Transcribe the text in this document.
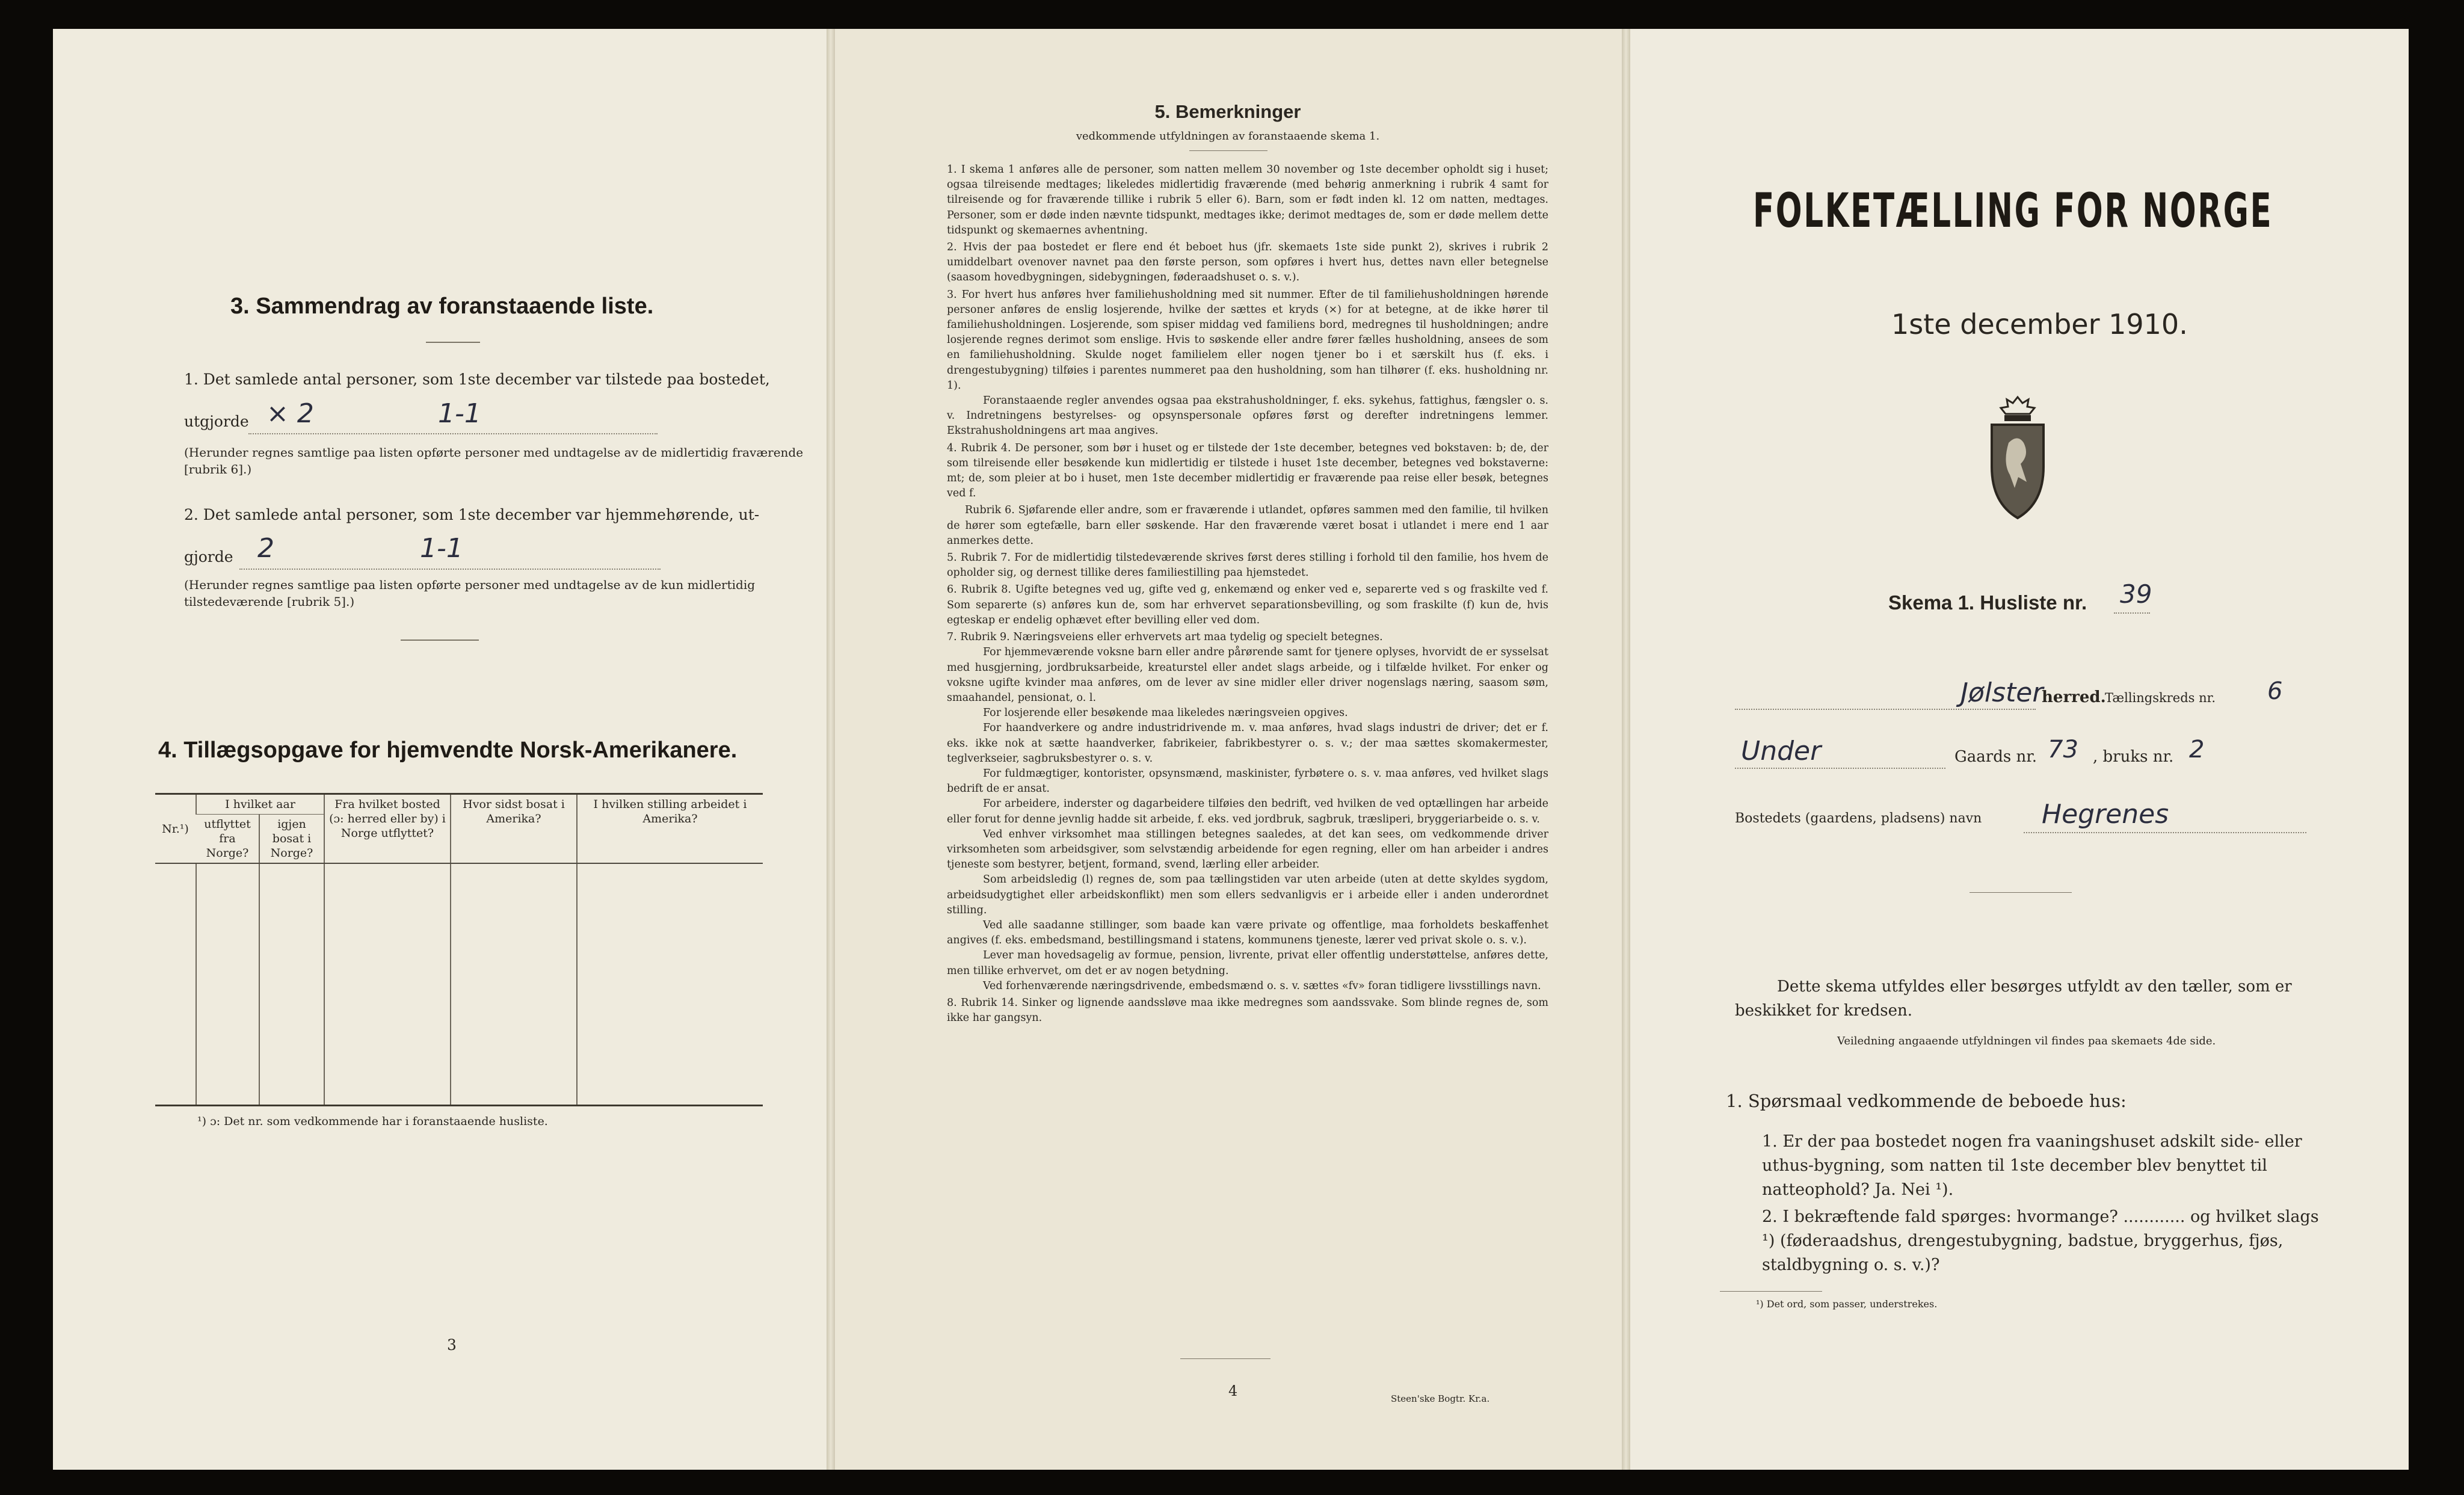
3. Sammendrag av foranstaaende liste.
1. Det samlede antal personer, som 1ste december var tilstede paa bostedet,
utgjorde × 2	1-1
(Herunder regnes samtlige paa listen opførte personer med undtagelse av de midlertidig fraværende [rubrik 6].)
2. Det samlede antal personer, som 1ste december var hjemmehørende, ut-
gjorde 2	1-1
(Herunder regnes samtlige paa listen opførte personer med undtagelse av de kun midlertidig tilstedeværende [rubrik 5].)
4. Tillægsopgave for hjemvendte Norsk-Amerikanere.
Nr.¹)	I hvilket aar		Fra hvilket bosted (ɔ: herred eller by) i Norge utflyttet?	Hvor sidst bosat i Amerika?	I hvilken stilling arbeidet i Amerika?
	utflyttet fra Norge?	igjen bosat i Norge?			

¹) ɔ: Det nr. som vedkommende har i foranstaaende husliste.
3
5. Bemerkninger
vedkommende utfyldningen av foranstaaende skema 1.

1. I skema 1 anføres alle de personer, som natten mellem 30 november og 1ste december opholdt sig i huset; ogsaa tilreisende medtages; likeledes midlertidig fraværende (med behørig anmerkning i rubrik 4 samt for tilreisende og for fraværende tillike i rubrik 5 eller 6). Barn, som er født inden kl. 12 om natten, medtages. Personer, som er døde inden nævnte tidspunkt, medtages ikke; derimot medtages de, som er døde mellem dette tidspunkt og skemaernes avhentning.

2. Hvis der paa bostedet er flere end ét beboet hus (jfr. skemaets 1ste side punkt 2), skrives i rubrik 2 umiddelbart ovenover navnet paa den første person, som opføres i hvert hus, dettes navn eller betegnelse (saasom hovedbygningen, sidebygningen, føderaadshuset o. s. v.).

3. For hvert hus anføres hver familiehusholdning med sit nummer. Efter de til familiehusholdningen hørende personer anføres de enslig losjerende, hvilke der sættes et kryds (×) for at betegne, at de ikke hører til familiehusholdningen. Losjerende, som spiser middag ved familiens bord, medregnes til husholdningen; andre losjerende regnes derimot som enslige. Hvis to søskende eller andre fører fælles husholdning, ansees de som en familiehusholdning. Skulde noget familielem eller nogen tjener bo i et særskilt hus (f. eks. i drengestubygning) tilføies i parentes nummeret paa den husholdning, som han tilhører (f. eks. husholdning nr. 1).

Foranstaaende regler anvendes ogsaa paa ekstrahusholdninger, f. eks. sykehus, fattighus, fængsler o. s. v. Indretningens bestyrelses- og opsynspersonale opføres først og derefter indretningens lemmer. Ekstrahusholdningens art maa angives.

4. Rubrik 4. De personer, som bør i huset og er tilstede der 1ste december, betegnes ved bokstaven: b; de, der som tilreisende eller besøkende kun midlertidig er tilstede i huset 1ste december, betegnes ved bokstaverne: mt; de, som pleier at bo i huset, men 1ste december midlertidig er fraværende paa reise eller besøk, betegnes ved f.

Rubrik 6. Sjøfarende eller andre, som er fraværende i utlandet, opføres sammen med den familie, til hvilken de hører som egtefælle, barn eller søskende. Har den fraværende været bosat i utlandet i mere end 1 aar anmerkes dette.

5. Rubrik 7. For de midlertidig tilstedeværende skrives først deres stilling i forhold til den familie, hos hvem de opholder sig, og dernest tillike deres familiestilling paa hjemstedet.

6. Rubrik 8. Ugifte betegnes ved ug, gifte ved g, enkemænd og enker ved e, separerte ved s og fraskilte ved f. Som separerte (s) anføres kun de, som har erhvervet separationsbevilling, og som fraskilte (f) kun de, hvis egteskap er endelig ophævet efter bevilling eller ved dom.

7. Rubrik 9. Næringsveiens eller erhvervets art maa tydelig og specielt betegnes.

For hjemmeværende voksne barn eller andre pårørende samt for tjenere oplyses, hvorvidt de er sysselsat med husgjerning, jordbruksarbeide, kreaturstel eller andet slags arbeide, og i tilfælde hvilket. For enker og voksne ugifte kvinder maa anføres, om de lever av sine midler eller driver nogenslags næring, saasom søm, smaahandel, pensionat, o. l.

For losjerende eller besøkende maa likeledes næringsveien opgives.

For haandverkere og andre industridrivende m. v. maa anføres, hvad slags industri de driver; det er f. eks. ikke nok at sætte haandverker, fabrikeier, fabrikbestyrer o. s. v.; der maa sættes skomakermester, teglverkseier, sagbruksbestyrer o. s. v.

For fuldmægtiger, kontorister, opsynsmænd, maskinister, fyrbøtere o. s. v. maa anføres, ved hvilket slags bedrift de er ansat.

For arbeidere, inderster og dagarbeidere tilføies den bedrift, ved hvilken de ved optællingen har arbeide eller forut for denne jevnlig hadde sit arbeide, f. eks. ved jordbruk, sagbruk, træsliperi, bryggeriarbeide o. s. v.

Ved enhver virksomhet maa stillingen betegnes saaledes, at det kan sees, om vedkommende driver virksomheten som arbeidsgiver, som selvstændig arbeidende for egen regning, eller om han arbeider i andres tjeneste som bestyrer, betjent, formand, svend, lærling eller arbeider.

Som arbeidsledig (l) regnes de, som paa tællingstiden var uten arbeide (uten at dette skyldes sygdom, arbeidsudygtighet eller arbeidskonflikt) men som ellers sedvanligvis er i arbeide eller i anden underordnet stilling.

Ved alle saadanne stillinger, som baade kan være private og offentlige, maa forholdets beskaffenhet angives (f. eks. embedsmand, bestillingsmand i statens, kommunens tjeneste, lærer ved privat skole o. s. v.).

Lever man hovedsagelig av formue, pension, livrente, privat eller offentlig understøttelse, anføres dette, men tillike erhvervet, om det er av nogen betydning.

Ved forhenværende næringsdrivende, embedsmænd o. s. v. sættes «fv» foran tidligere livsstillings navn.

8. Rubrik 14. Sinker og lignende aandssløve maa ikke medregnes som aandssvake. Som blinde regnes de, som ikke har gangsyn.

4	Steen'ske Bogtr. Kr.a.
FOLKETÆLLING FOR NORGE
1ste december 1910.
Skema 1. Husliste nr. 39
Jølster
herred.
Tællingskreds nr. 6
Under	Gaards nr. 73 , bruks nr. 2
Bostedets (gaardens, pladsens) navn Hegrenes
Dette skema utfyldes eller besørges utfyldt av den tæller, som er beskikket for kredsen.
Veiledning angaaende utfyldningen vil findes paa skemaets 4de side.
1. Spørsmaal vedkommende de beboede hus:
1. Er der paa bostedet nogen fra vaaningshuset adskilt side- eller uthus-bygning, som natten til 1ste december blev benyttet til natteophold? Ja. Nei ¹).
2. I bekræftende fald spørges: hvormange? ............ og hvilket slags ¹) (føderaadshus, drengestubygning, badstue, bryggerhus, fjøs, staldbygning o. s. v.)?
¹) Det ord, som passer, understrekes.
